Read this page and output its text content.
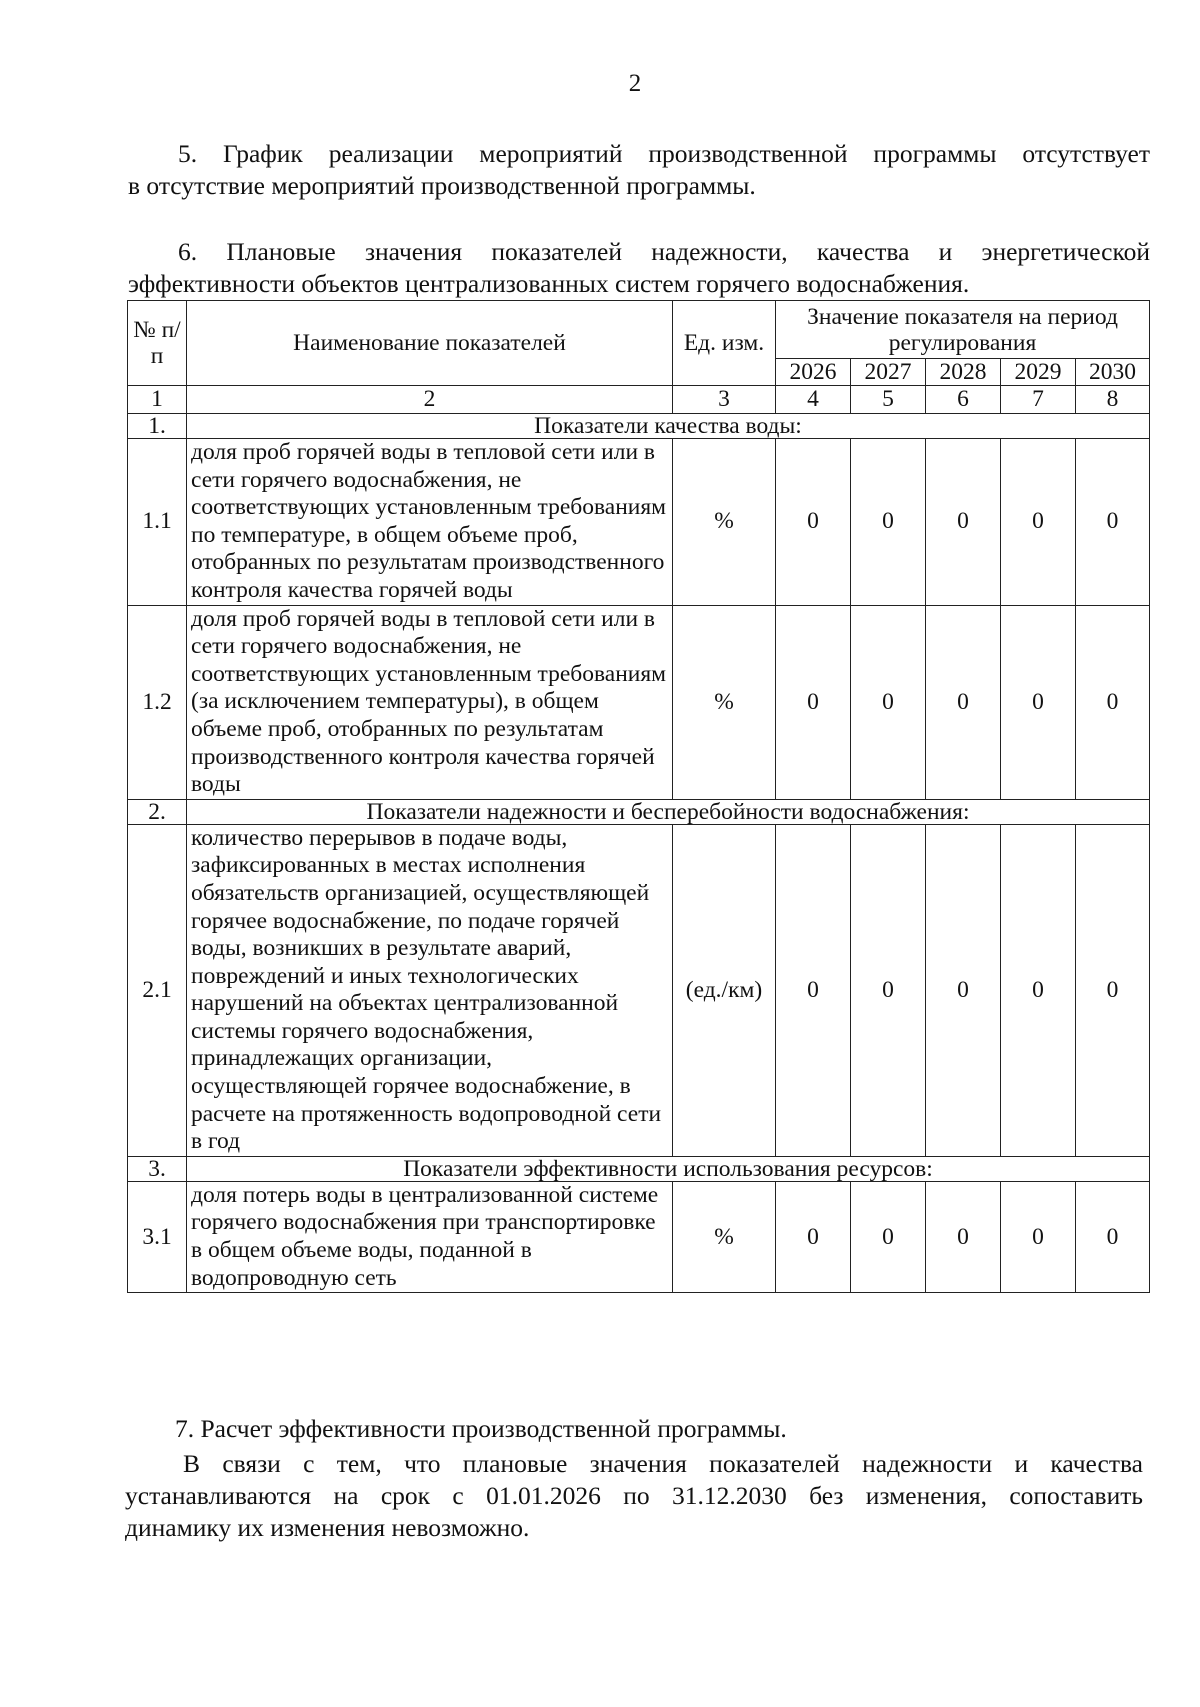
2
5. График реализации мероприятий производственной программы отсутствует
в отсутствие мероприятий производственной программы.
6. Плановые значения показателей надежности, качества и энергетической
эффективности объектов централизованных систем горячего водоснабжения.
№ п/п	Наименование показателей	Ед. изм.	Значение показателя на период регулирования				
			2026	2027	2028	2029	2030
1	2	3	4	5	6	7	8
1.	Показатели качества воды:						
1.1	доля проб горячей воды в тепловой сети или в сети горячего водоснабжения, не соответствующих установленным требованиям по температуре, в общем объеме проб, отобранных по результатам производственного контроля качества горячей воды	%	0	0	0	0	0
1.2	доля проб горячей воды в тепловой сети или в сети горячего водоснабжения, не соответствующих установленным требованиям (за исключением температуры), в общем объеме проб, отобранных по результатам производственного контроля качества горячей воды	%	0	0	0	0	0
2.	Показатели надежности и бесперебойности водоснабжения:						
2.1	количество перерывов в подаче воды, зафиксированных в местах исполнения обязательств организацией, осуществляющей горячее водоснабжение, по подаче горячей воды, возникших в результате аварий, повреждений и иных технологических нарушений на объектах централизованной системы горячего водоснабжения, принадлежащих организации, осуществляющей горячее водоснабжение, в расчете на протяженность водопроводной сети в год	(ед./км)	0	0	0	0	0
3.	Показатели эффективности использования ресурсов:						
3.1	доля потерь воды в централизованной системе горячего водоснабжения при транспортировке в общем объеме воды, поданной в водопроводную сеть	%	0	0	0	0	0
7. Расчет эффективности производственной программы.
В связи с тем, что плановые значения показателей надежности и качества
устанавливаются на срок с 01.01.2026 по 31.12.2030 без изменения, сопоставить
динамику их изменения невозможно.
